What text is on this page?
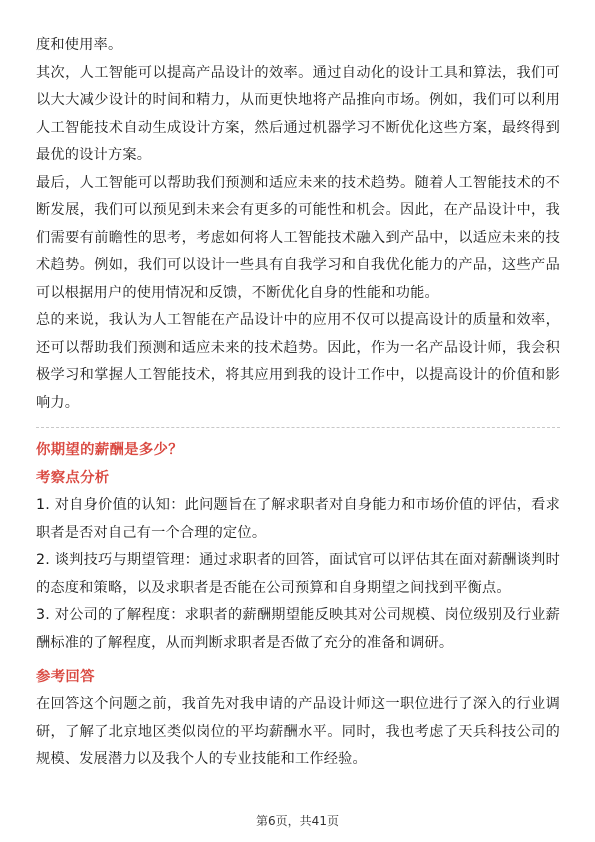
度和使用率。

其次，人工智能可以提高产品设计的效率。通过自动化的设计工具和算法，我们可以大大减少设计的时间和精力，从而更快地将产品推向市场。例如，我们可以利用人工智能技术自动生成设计方案，然后通过机器学习不断优化这些方案，最终得到最优的设计方案。

最后，人工智能可以帮助我们预测和适应未来的技术趋势。随着人工智能技术的不断发展，我们可以预见到未来会有更多的可能性和机会。因此，在产品设计中，我们需要有前瞻性的思考，考虑如何将人工智能技术融入到产品中，以适应未来的技术趋势。例如，我们可以设计一些具有自我学习和自我优化能力的产品，这些产品可以根据用户的使用情况和反馈，不断优化自身的性能和功能。

总的来说，我认为人工智能在产品设计中的应用不仅可以提高设计的质量和效率，还可以帮助我们预测和适应未来的技术趋势。因此，作为一名产品设计师，我会积极学习和掌握人工智能技术，将其应用到我的设计工作中，以提高设计的价值和影响力。

你期望的薪酬是多少？
考察点分析

1. 对自身价值的认知：此问题旨在了解求职者对自身能力和市场价值的评估，看求职者是否对自己有一个合理的定位。

2. 谈判技巧与期望管理：通过求职者的回答，面试官可以评估其在面对薪酬谈判时的态度和策略，以及求职者是否能在公司预算和自身期望之间找到平衡点。

3. 对公司的了解程度：求职者的薪酬期望能反映其对公司规模、岗位级别及行业薪酬标准的了解程度，从而判断求职者是否做了充分的准备和调研。

参考回答

在回答这个问题之前，我首先对我申请的产品设计师这一职位进行了深入的行业调研，了解了北京地区类似岗位的平均薪酬水平。同时，我也考虑了天兵科技公司的规模、发展潜力以及我个人的专业技能和工作经验。

第6页，共41页
